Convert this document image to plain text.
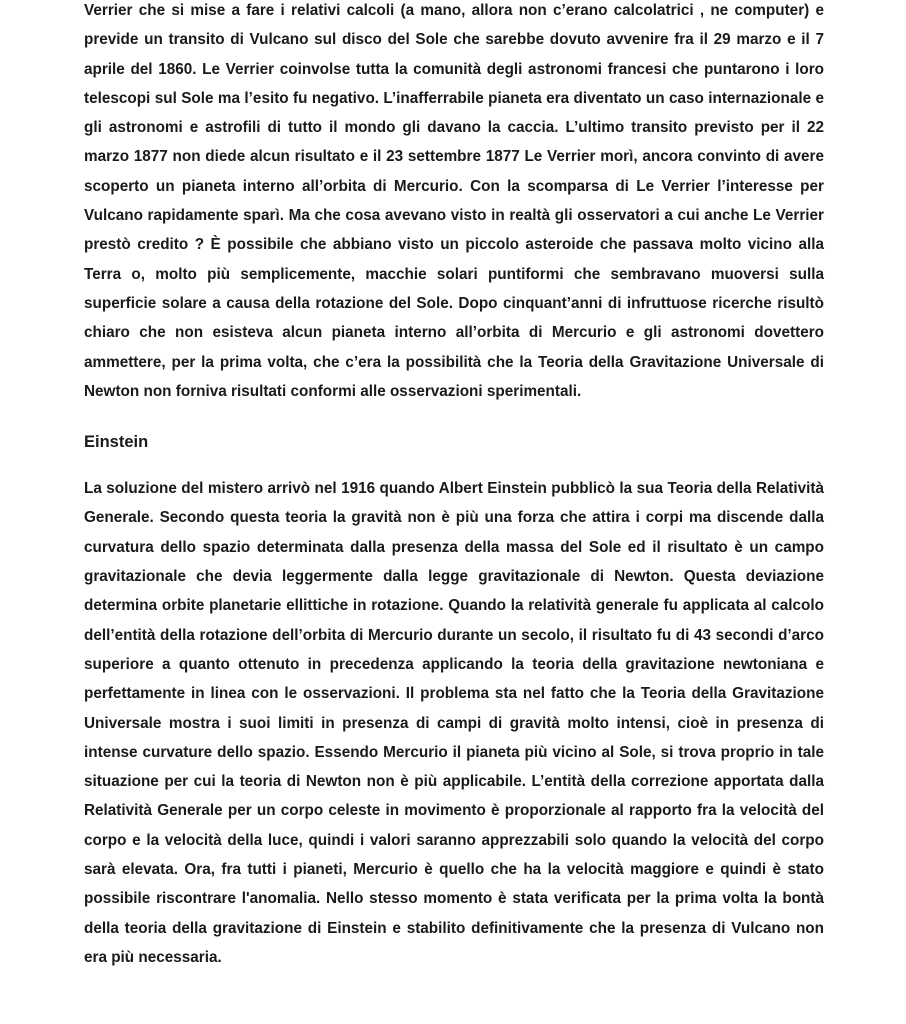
Verrier che si mise a fare i relativi calcoli (a mano, allora non c’erano calcolatrici , ne computer) e previde un transito di Vulcano sul disco del Sole che sarebbe dovuto avvenire fra il 29 marzo e il 7 aprile del 1860. Le Verrier coinvolse tutta la comunità degli astronomi francesi che puntarono i loro telescopi sul Sole ma l’esito fu negativo. L’inafferrabile pianeta era diventato un caso internazionale e gli astronomi e astrofili di tutto il mondo gli davano la caccia. L’ultimo transito previsto per il 22 marzo 1877 non diede alcun risultato e il 23 settembre 1877 Le Verrier morì, ancora convinto di avere scoperto un pianeta interno all’orbita di Mercurio. Con la scomparsa di Le Verrier l’interesse per Vulcano rapidamente sparì. Ma che cosa avevano visto in realtà gli osservatori a cui anche Le Verrier prestò credito ? È possibile che abbiano visto un piccolo asteroide che passava molto vicino alla Terra o, molto più semplicemente, macchie solari puntiformi che sembravano muoversi sulla superficie solare a causa della rotazione del Sole. Dopo cinquant’anni di infruttuose ricerche risultò chiaro che non esisteva alcun pianeta interno all’orbita di Mercurio e gli astronomi dovettero ammettere, per la prima volta, che c’era la possibilità che la Teoria della Gravitazione Universale di Newton non forniva risultati conformi alle osservazioni sperimentali.

Einstein

La soluzione del mistero arrivò nel 1916 quando Albert Einstein pubblicò la sua Teoria della Relatività Generale. Secondo questa teoria la gravità non è più una forza che attira i corpi ma discende dalla curvatura dello spazio determinata dalla presenza della massa del Sole ed il risultato è un campo gravitazionale che devia leggermente dalla legge gravitazionale di Newton. Questa deviazione determina orbite planetarie ellittiche in rotazione. Quando la relatività generale fu applicata al calcolo dell’entità della rotazione dell’orbita di Mercurio durante un secolo, il risultato fu di 43 secondi d’arco superiore a quanto ottenuto in precedenza applicando la teoria della gravitazione newtoniana e perfettamente in linea con le osservazioni. Il problema sta nel fatto che la Teoria della Gravitazione Universale mostra i suoi limiti in presenza di campi di gravità molto intensi, cioè in presenza di intense curvature dello spazio. Essendo Mercurio il pianeta più vicino al Sole, si trova proprio in tale situazione per cui la teoria di Newton non è più applicabile. L’entità della correzione apportata dalla Relatività Generale per un corpo celeste in movimento è proporzionale al rapporto fra la velocità del corpo e la velocità della luce, quindi i valori saranno apprezzabili solo quando la velocità del corpo sarà elevata. Ora, fra tutti i pianeti, Mercurio è quello che ha la velocità maggiore e quindi è stato possibile riscontrare l'anomalia. Nello stesso momento è stata verificata per la prima volta la bontà della teoria della gravitazione di Einstein e stabilito definitivamente che la presenza di Vulcano non era più necessaria.
